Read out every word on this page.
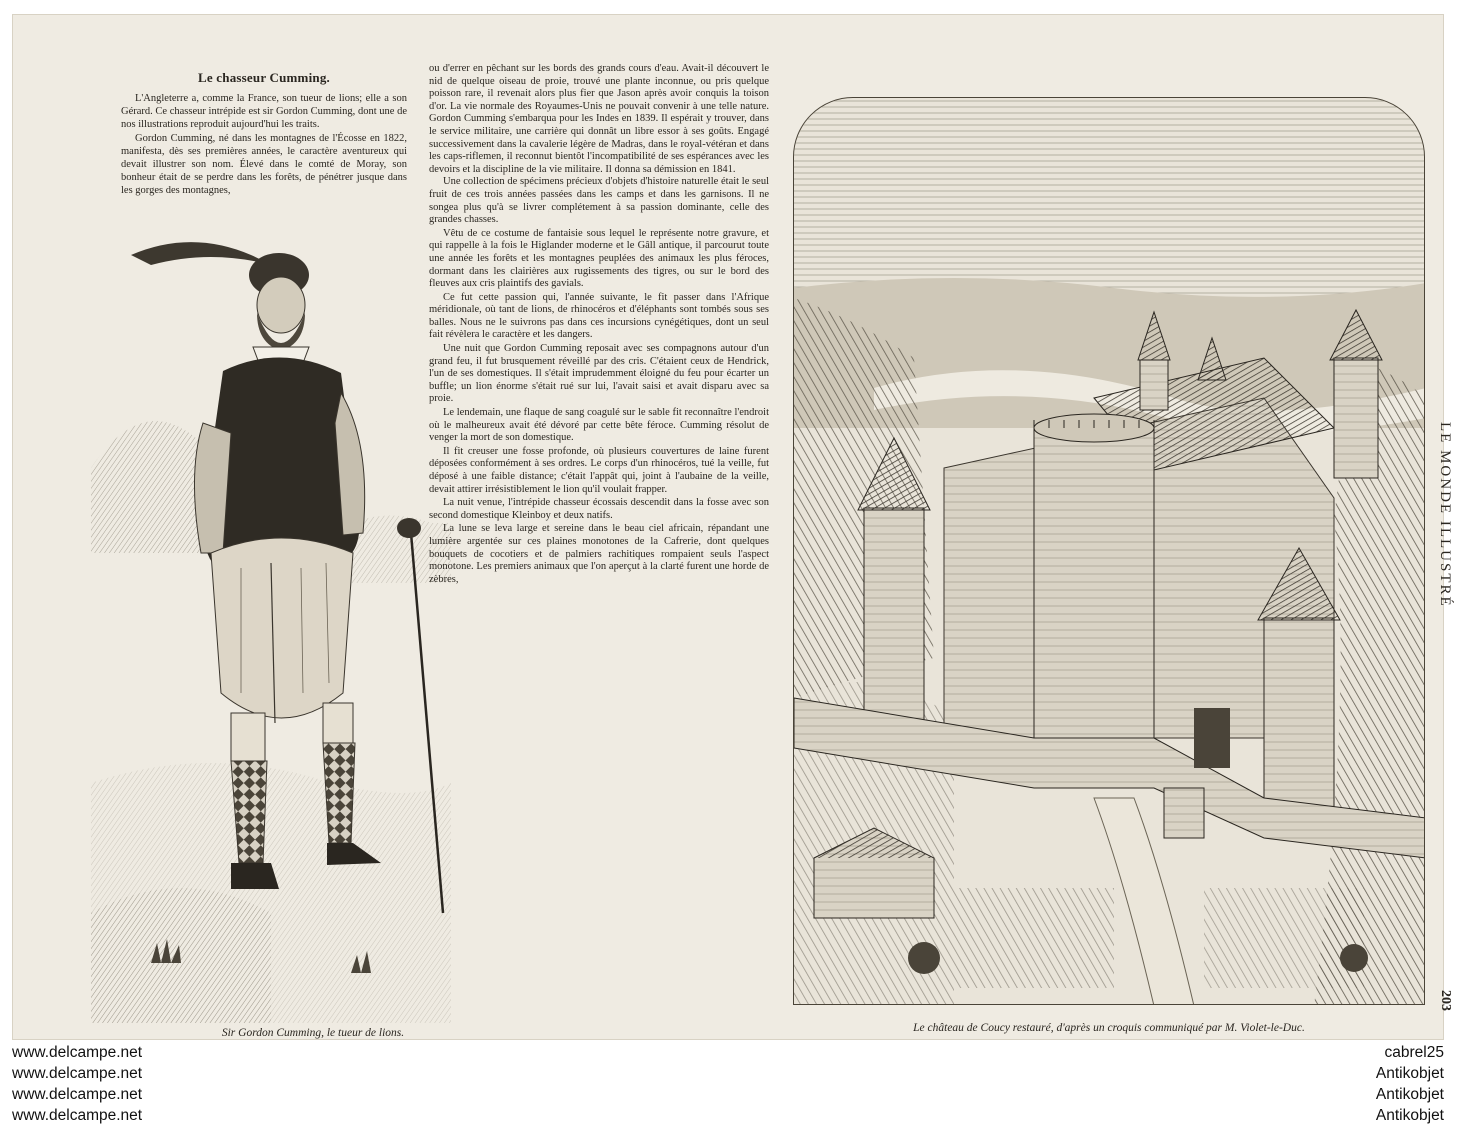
Le chasseur Cumming.

L'Angleterre a, comme la France, son tueur de lions; elle a son Gérard. Ce chasseur intrépide est sir Gordon Cumming, dont une de nos illustrations reproduit aujourd'hui les traits.

Gordon Cumming, né dans les montagnes de l'Écosse en 1822, manifesta, dès ses premières années, le caractère aventureux qui devait illustrer son nom. Élevé dans le comté de Moray, son bonheur était de se perdre dans les forêts, de pénétrer jusque dans les gorges des montagnes,

Sir Gordon Cumming, le tueur de lions.

ou d'errer en pêchant sur les bords des grands cours d'eau. Avait-il découvert le nid de quelque oiseau de proie, trouvé une plante inconnue, ou pris quelque poisson rare, il revenait alors plus fier que Jason après avoir conquis la toison d'or. La vie normale des Royaumes-Unis ne pouvait convenir à une telle nature. Gordon Cumming s'embarqua pour les Indes en 1839. Il espérait y trouver, dans le service militaire, une carrière qui donnât un libre essor à ses goûts. Engagé successivement dans la cavalerie légère de Madras, dans le royal-vétéran et dans les caps-riflemen, il reconnut bientôt l'incompatibilité de ses espérances avec les devoirs et la discipline de la vie militaire. Il donna sa démission en 1841.

Une collection de spécimens précieux d'objets d'histoire naturelle était le seul fruit de ces trois années passées dans les camps et dans les garnisons. Il ne songea plus qu'à se livrer complétement à sa passion dominante, celle des grandes chasses.

Vêtu de ce costume de fantaisie sous lequel le représente notre gravure, et qui rappelle à la fois le Higlander moderne et le Gâll antique, il parcourut toute une année les forêts et les montagnes peuplées des animaux les plus féroces, dormant dans les clairières aux rugissements des tigres, ou sur le bord des fleuves aux cris plaintifs des gavials.

Ce fut cette passion qui, l'année suivante, le fit passer dans l'Afrique méridionale, où tant de lions, de rhinocéros et d'éléphants sont tombés sous ses balles. Nous ne le suivrons pas dans ces incursions cynégétiques, dont un seul fait révèlera le caractère et les dangers.

Une nuit que Gordon Cumming reposait avec ses compagnons autour d'un grand feu, il fut brusquement réveillé par des cris. C'étaient ceux de Hendrick, l'un de ses domestiques. Il s'était imprudemment éloigné du feu pour écarter un buffle; un lion énorme s'était rué sur lui, l'avait saisi et avait disparu avec sa proie.

Le lendemain, une flaque de sang coagulé sur le sable fit reconnaître l'endroit où le malheureux avait été dévoré par cette bête féroce. Cumming résolut de venger la mort de son domestique.

Il fit creuser une fosse profonde, où plusieurs couvertures de laine furent déposées conformément à ses ordres. Le corps d'un rhinocéros, tué la veille, fut déposé à une faible distance; c'était l'appât qui, joint à l'aubaine de la veille, devait attirer irrésistiblement le lion qu'il voulait frapper.

La nuit venue, l'intrépide chasseur écossais descendit dans la fosse avec son second domestique Kleinboy et deux natifs.

La lune se leva large et sereine dans le beau ciel africain, répandant une lumière argentée sur ces plaines monotones de la Cafrerie, dont quelques bouquets de cocotiers et de palmiers rachitiques rompaient seuls l'aspect monotone. Les premiers animaux que l'on aperçut à la clarté furent une horde de zèbres,

Le château de Coucy restauré, d'après un croquis communiqué par M. Violet-le-Duc.
LE MONDE ILLUSTRÉ
203
www.delcampe.net
www.delcampe.net
www.delcampe.net
www.delcampe.net
cabrel25
Antikobjet
Antikobjet
Antikobjet
